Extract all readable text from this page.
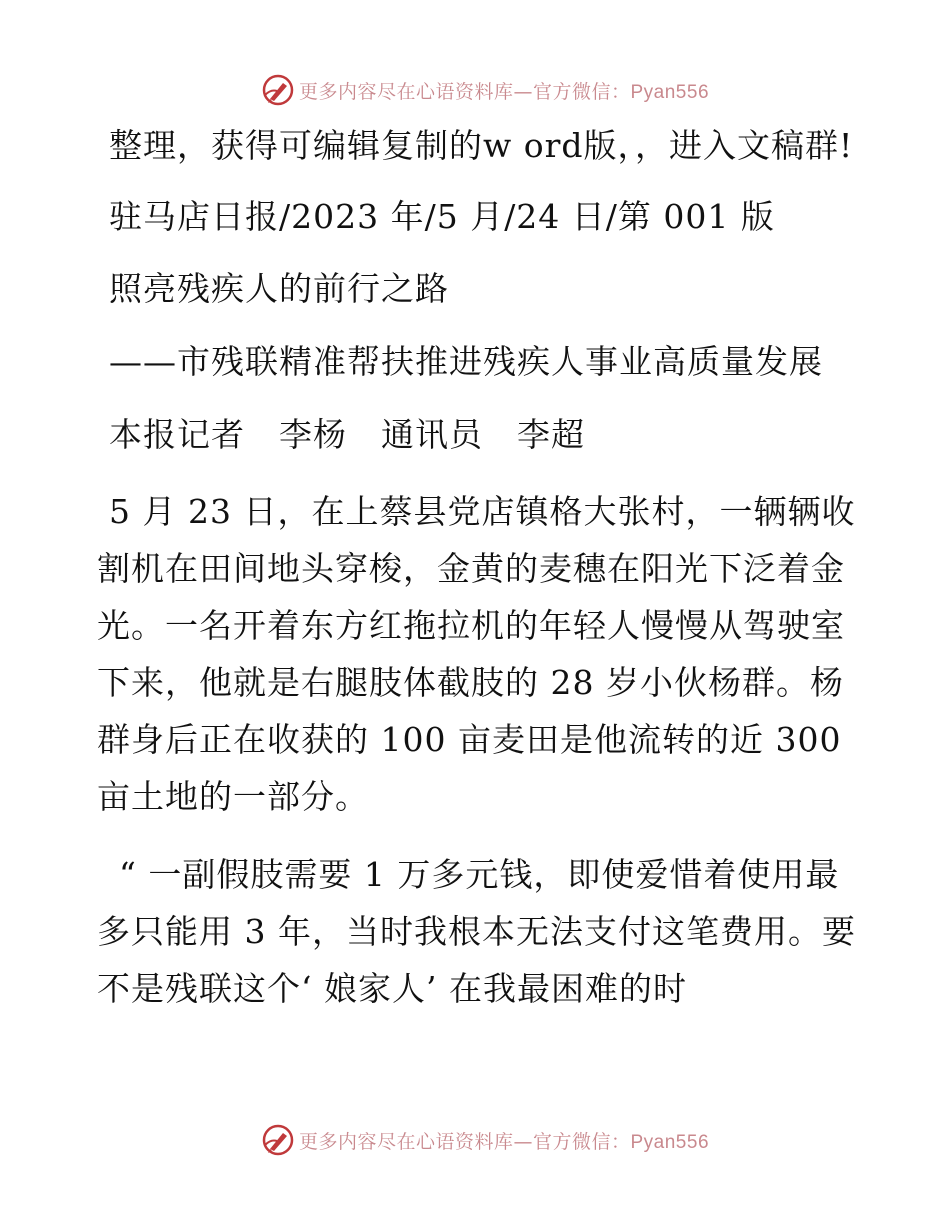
更多内容尽在心语资料库—官方微信：Pyan556

整理，获得可编辑复制的w ord版，，进入文稿群!

驻马店日报/2023 年/5 月/24 日/第 001 版

照亮残疾人的前行之路

——市残联精准帮扶推进残疾人事业高质量发展

本报记者　李杨　通讯员　李超

5 月 23 日，在上蔡县党店镇格大张村，一辆辆收割机在田间地头穿梭，金黄的麦穗在阳光下泛着金光。一名开着东方红拖拉机的年轻人慢慢从驾驶室下来，他就是右腿肢体截肢的 28 岁小伙杨群。杨群身后正在收获的 100 亩麦田是他流转的近 300 亩土地的一部分。

“ 一副假肢需要 1 万多元钱，即使爱惜着使用最多只能用 3 年，当时我根本无法支付这笔费用。要不是残联这个‘ 娘家人’ 在我最困难的时

更多内容尽在心语资料库—官方微信：Pyan556
